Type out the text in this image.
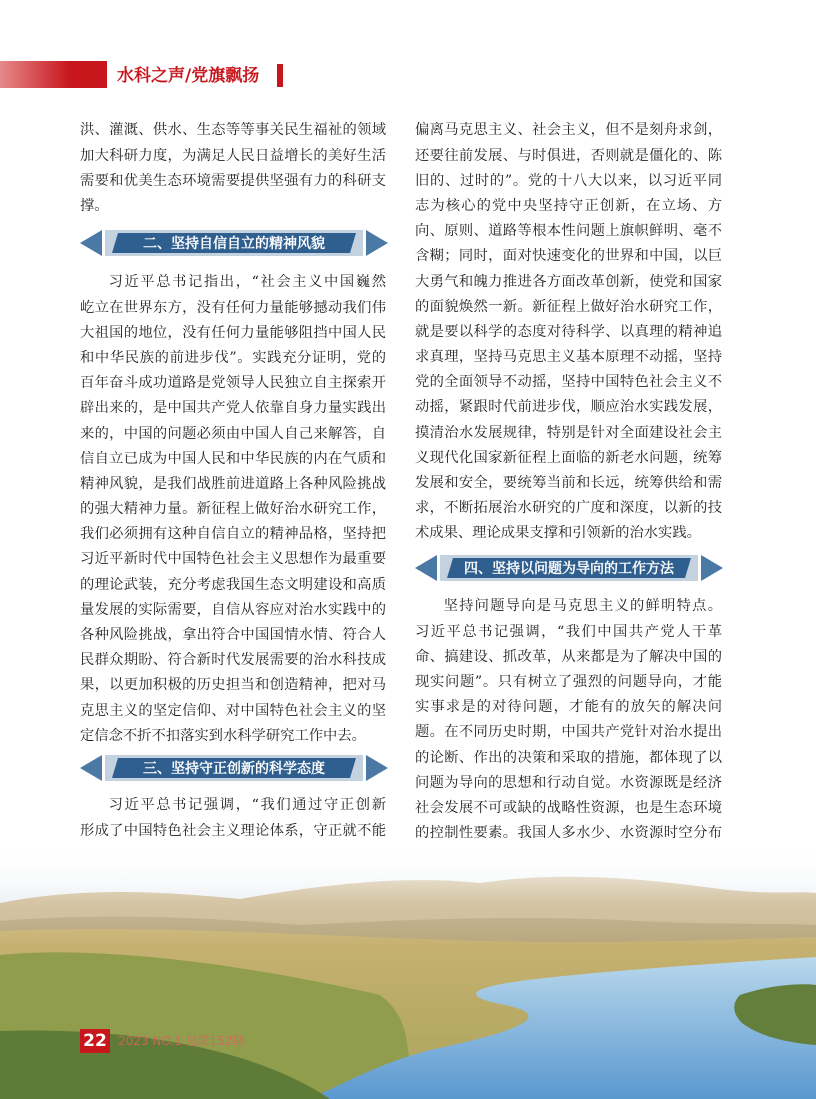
水科之声/党旗飘扬
洪、灌溉、供水、生态等等事关民生福祉的领域
加大科研力度，为满足人民日益增长的美好生活
需要和优美生态环境需要提供坚强有力的科研支
撑。
二、坚持自信自立的精神风貌
习近平总书记指出，“社会主义中国巍然
屹立在世界东方，没有任何力量能够撼动我们伟
大祖国的地位，没有任何力量能够阻挡中国人民
和中华民族的前进步伐”。实践充分证明，党的
百年奋斗成功道路是党领导人民独立自主探索开
辟出来的，是中国共产党人依靠自身力量实践出
来的，中国的问题必须由中国人自己来解答，自
信自立已成为中国人民和中华民族的内在气质和
精神风貌，是我们战胜前进道路上各种风险挑战
的强大精神力量。新征程上做好治水研究工作，
我们必须拥有这种自信自立的精神品格，坚持把
习近平新时代中国特色社会主义思想作为最重要
的理论武装，充分考虑我国生态文明建设和高质
量发展的实际需要，自信从容应对治水实践中的
各种风险挑战，拿出符合中国国情水情、符合人
民群众期盼、符合新时代发展需要的治水科技成
果，以更加积极的历史担当和创造精神，把对马
克思主义的坚定信仰、对中国特色社会主义的坚
定信念不折不扣落实到水科学研究工作中去。
三、坚持守正创新的科学态度
习近平总书记强调，“我们通过守正创新
形成了中国特色社会主义理论体系，守正就不能
偏离马克思主义、社会主义，但不是刻舟求剑，
还要往前发展、与时俱进，否则就是僵化的、陈
旧的、过时的”。党的十八大以来，以习近平同
志为核心的党中央坚持守正创新，在立场、方
向、原则、道路等根本性问题上旗帜鲜明、毫不
含糊；同时，面对快速变化的世界和中国，以巨
大勇气和魄力推进各方面改革创新，使党和国家
的面貌焕然一新。新征程上做好治水研究工作，
就是要以科学的态度对待科学、以真理的精神追
求真理，坚持马克思主义基本原理不动摇，坚持
党的全面领导不动摇，坚持中国特色社会主义不
动摇，紧跟时代前进步伐，顺应治水实践发展，
摸清治水发展规律，特别是针对全面建设社会主
义现代化国家新征程上面临的新老水问题，统筹
发展和安全，要统筹当前和长远，统筹供给和需
求，不断拓展治水研究的广度和深度，以新的技
术成果、理论成果支撑和引领新的治水实践。
四、坚持以问题为导向的工作方法
坚持问题导向是马克思主义的鲜明特点。
习近平总书记强调，“我们中国共产党人干革
命、搞建设、抓改革，从来都是为了解决中国的
现实问题”。只有树立了强烈的问题导向，才能
实事求是的对待问题，才能有的放矢的解决问
题。在不同历史时期，中国共产党针对治水提出
的论断、作出的决策和采取的措施，都体现了以
问题为导向的思想和行动自觉。水资源既是经济
社会发展不可或缺的战略性资源，也是生态环境
的控制性要素。我国人多水少、水资源时空分布
22 2023 NO.1 总第152期
